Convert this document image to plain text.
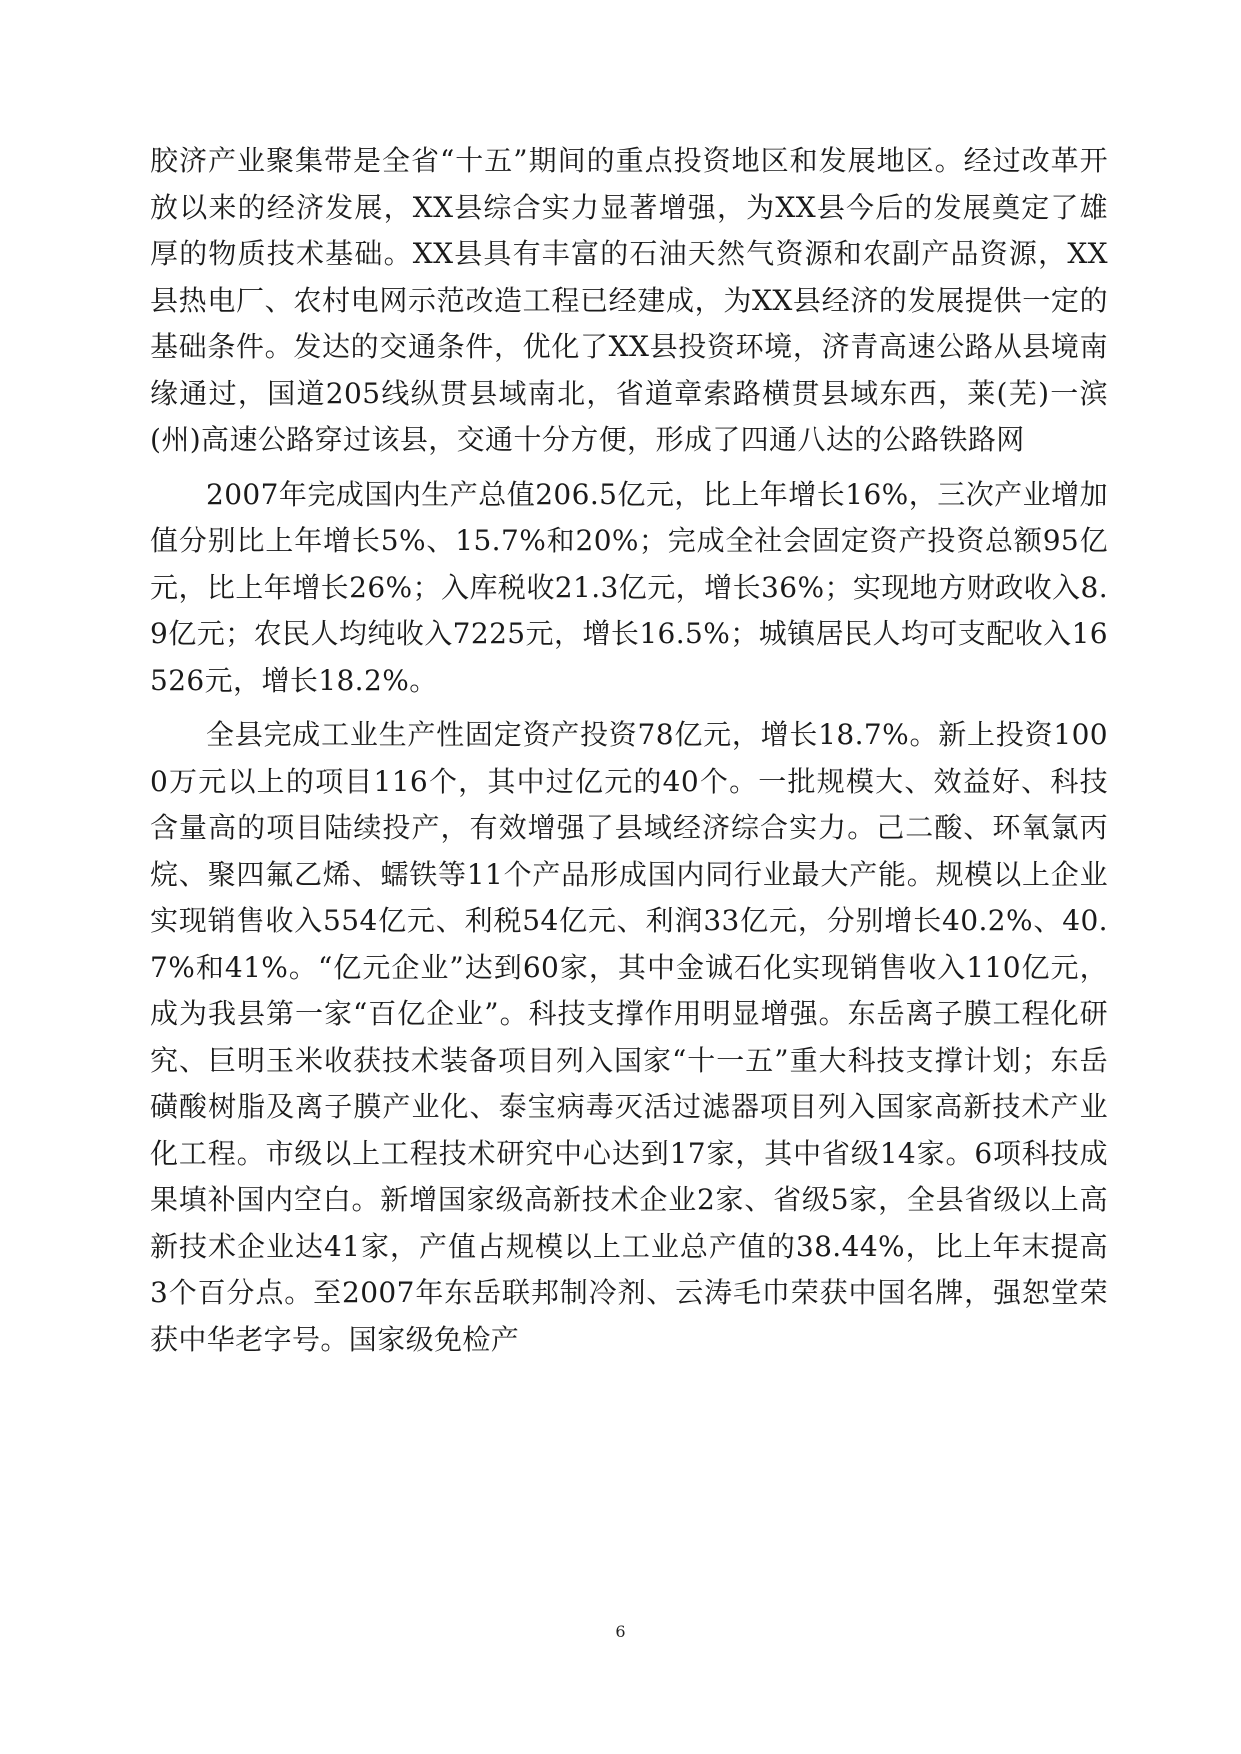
胶济产业聚集带是全省“十五”期间的重点投资地区和发展地区。经过改革开放以来的经济发展，XX县综合实力显著增强，为XX县今后的发展奠定了雄厚的物质技术基础。XX县具有丰富的石油天然气资源和农副产品资源，XX县热电厂、农村电网示范改造工程已经建成，为XX县经济的发展提供一定的基础条件。发达的交通条件，优化了XX县投资环境，济青高速公路从县境南缘通过，国道205线纵贯县域南北，省道章索路横贯县域东西，莱(芜)一滨(州)高速公路穿过该县，交通十分方便，形成了四通八达的公路铁路网

2007年完成国内生产总值206.5亿元，比上年增长16%，三次产业增加值分别比上年增长5%、15.7%和20%；完成全社会固定资产投资总额95亿元，比上年增长26%；入库税收21.3亿元，增长36%；实现地方财政收入8.9亿元；农民人均纯收入7225元，增长16.5%；城镇居民人均可支配收入16526元，增长18.2%。

全县完成工业生产性固定资产投资78亿元，增长18.7%。新上投资1000万元以上的项目116个，其中过亿元的40个。一批规模大、效益好、科技含量高的项目陆续投产，有效增强了县域经济综合实力。己二酸、环氧氯丙烷、聚四氟乙烯、蠕铁等11个产品形成国内同行业最大产能。规模以上企业实现销售收入554亿元、利税54亿元、利润33亿元，分别增长40.2%、40.7%和41%。“亿元企业”达到60家，其中金诚石化实现销售收入110亿元，成为我县第一家“百亿企业”。科技支撑作用明显增强。东岳离子膜工程化研究、巨明玉米收获技术装备项目列入国家“十一五”重大科技支撑计划；东岳磺酸树脂及离子膜产业化、泰宝病毒灭活过滤器项目列入国家高新技术产业化工程。市级以上工程技术研究中心达到17家，其中省级14家。6项科技成果填补国内空白。新增国家级高新技术企业2家、省级5家，全县省级以上高新技术企业达41家，产值占规模以上工业总产值的38.44%，比上年末提高3个百分点。至2007年东岳联邦制冷剂、云涛毛巾荣获中国名牌，强恕堂荣获中华老字号。国家级免检产

6
